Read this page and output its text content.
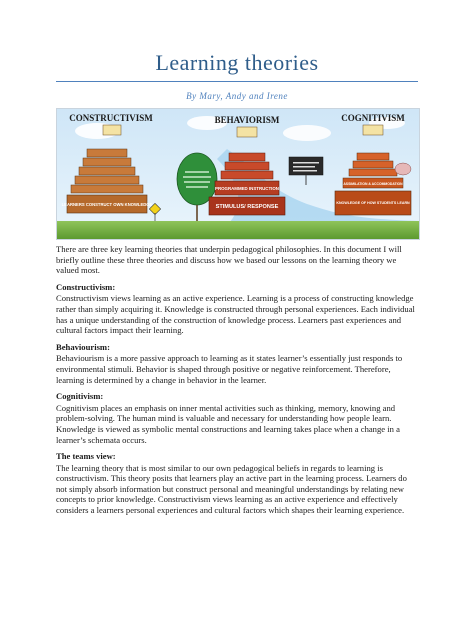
Learning theories
By Mary, Andy and Irene
CONSTRUCTIVISM
LEARNERS CONSTRUCT OWN KNOWLEDGE
BEHAVIORISM
PROGRAMMED INSTRUCTION
STIMULUS/ RESPONSE
COGNITIVISM
ASSIMILATION & ACCOMMODATION
KNOWLEDGE OF HOW STUDENTS LEARN

There are three key learning theories that underpin pedagogical philosophies. In this document I will briefly outline these three theories and discuss how we based our lessons on the learning theory we valued most.

Constructivism:
Constructivism views learning as an active experience. Learning is a process of constructing knowledge rather than simply acquiring it. Knowledge is constructed through personal experiences. Each individual has a unique understanding of the construction of knowledge process. Learners past experiences and cultural factors impact their learning.
Behaviourism:
Behaviourism is a more passive approach to learning as it states learner’s essentially just responds to environmental stimuli. Behavior is shaped through positive or negative reinforcement. Therefore, learning is determined by a change in behavior in the learner.
Cognitivism:
Cognitivism places an emphasis on inner mental activities such as thinking, memory, knowing and problem-solving. The human mind is valuable and necessary for understanding how people learn. Knowledge is viewed as symbolic mental constructions and learning takes place when a change in a learner’s schemata occurs.
The teams view:
The learning theory that is most similar to our own pedagogical beliefs in regards to learning is constructivism. This theory posits that learners play an active part in the learning process. Learners do not simply absorb information but construct personal and meaningful understandings by relating new concepts to prior knowledge. Constructivism views learning as an active experience and effectively considers a learners personal experiences and cultural factors which shapes their learning experience.
